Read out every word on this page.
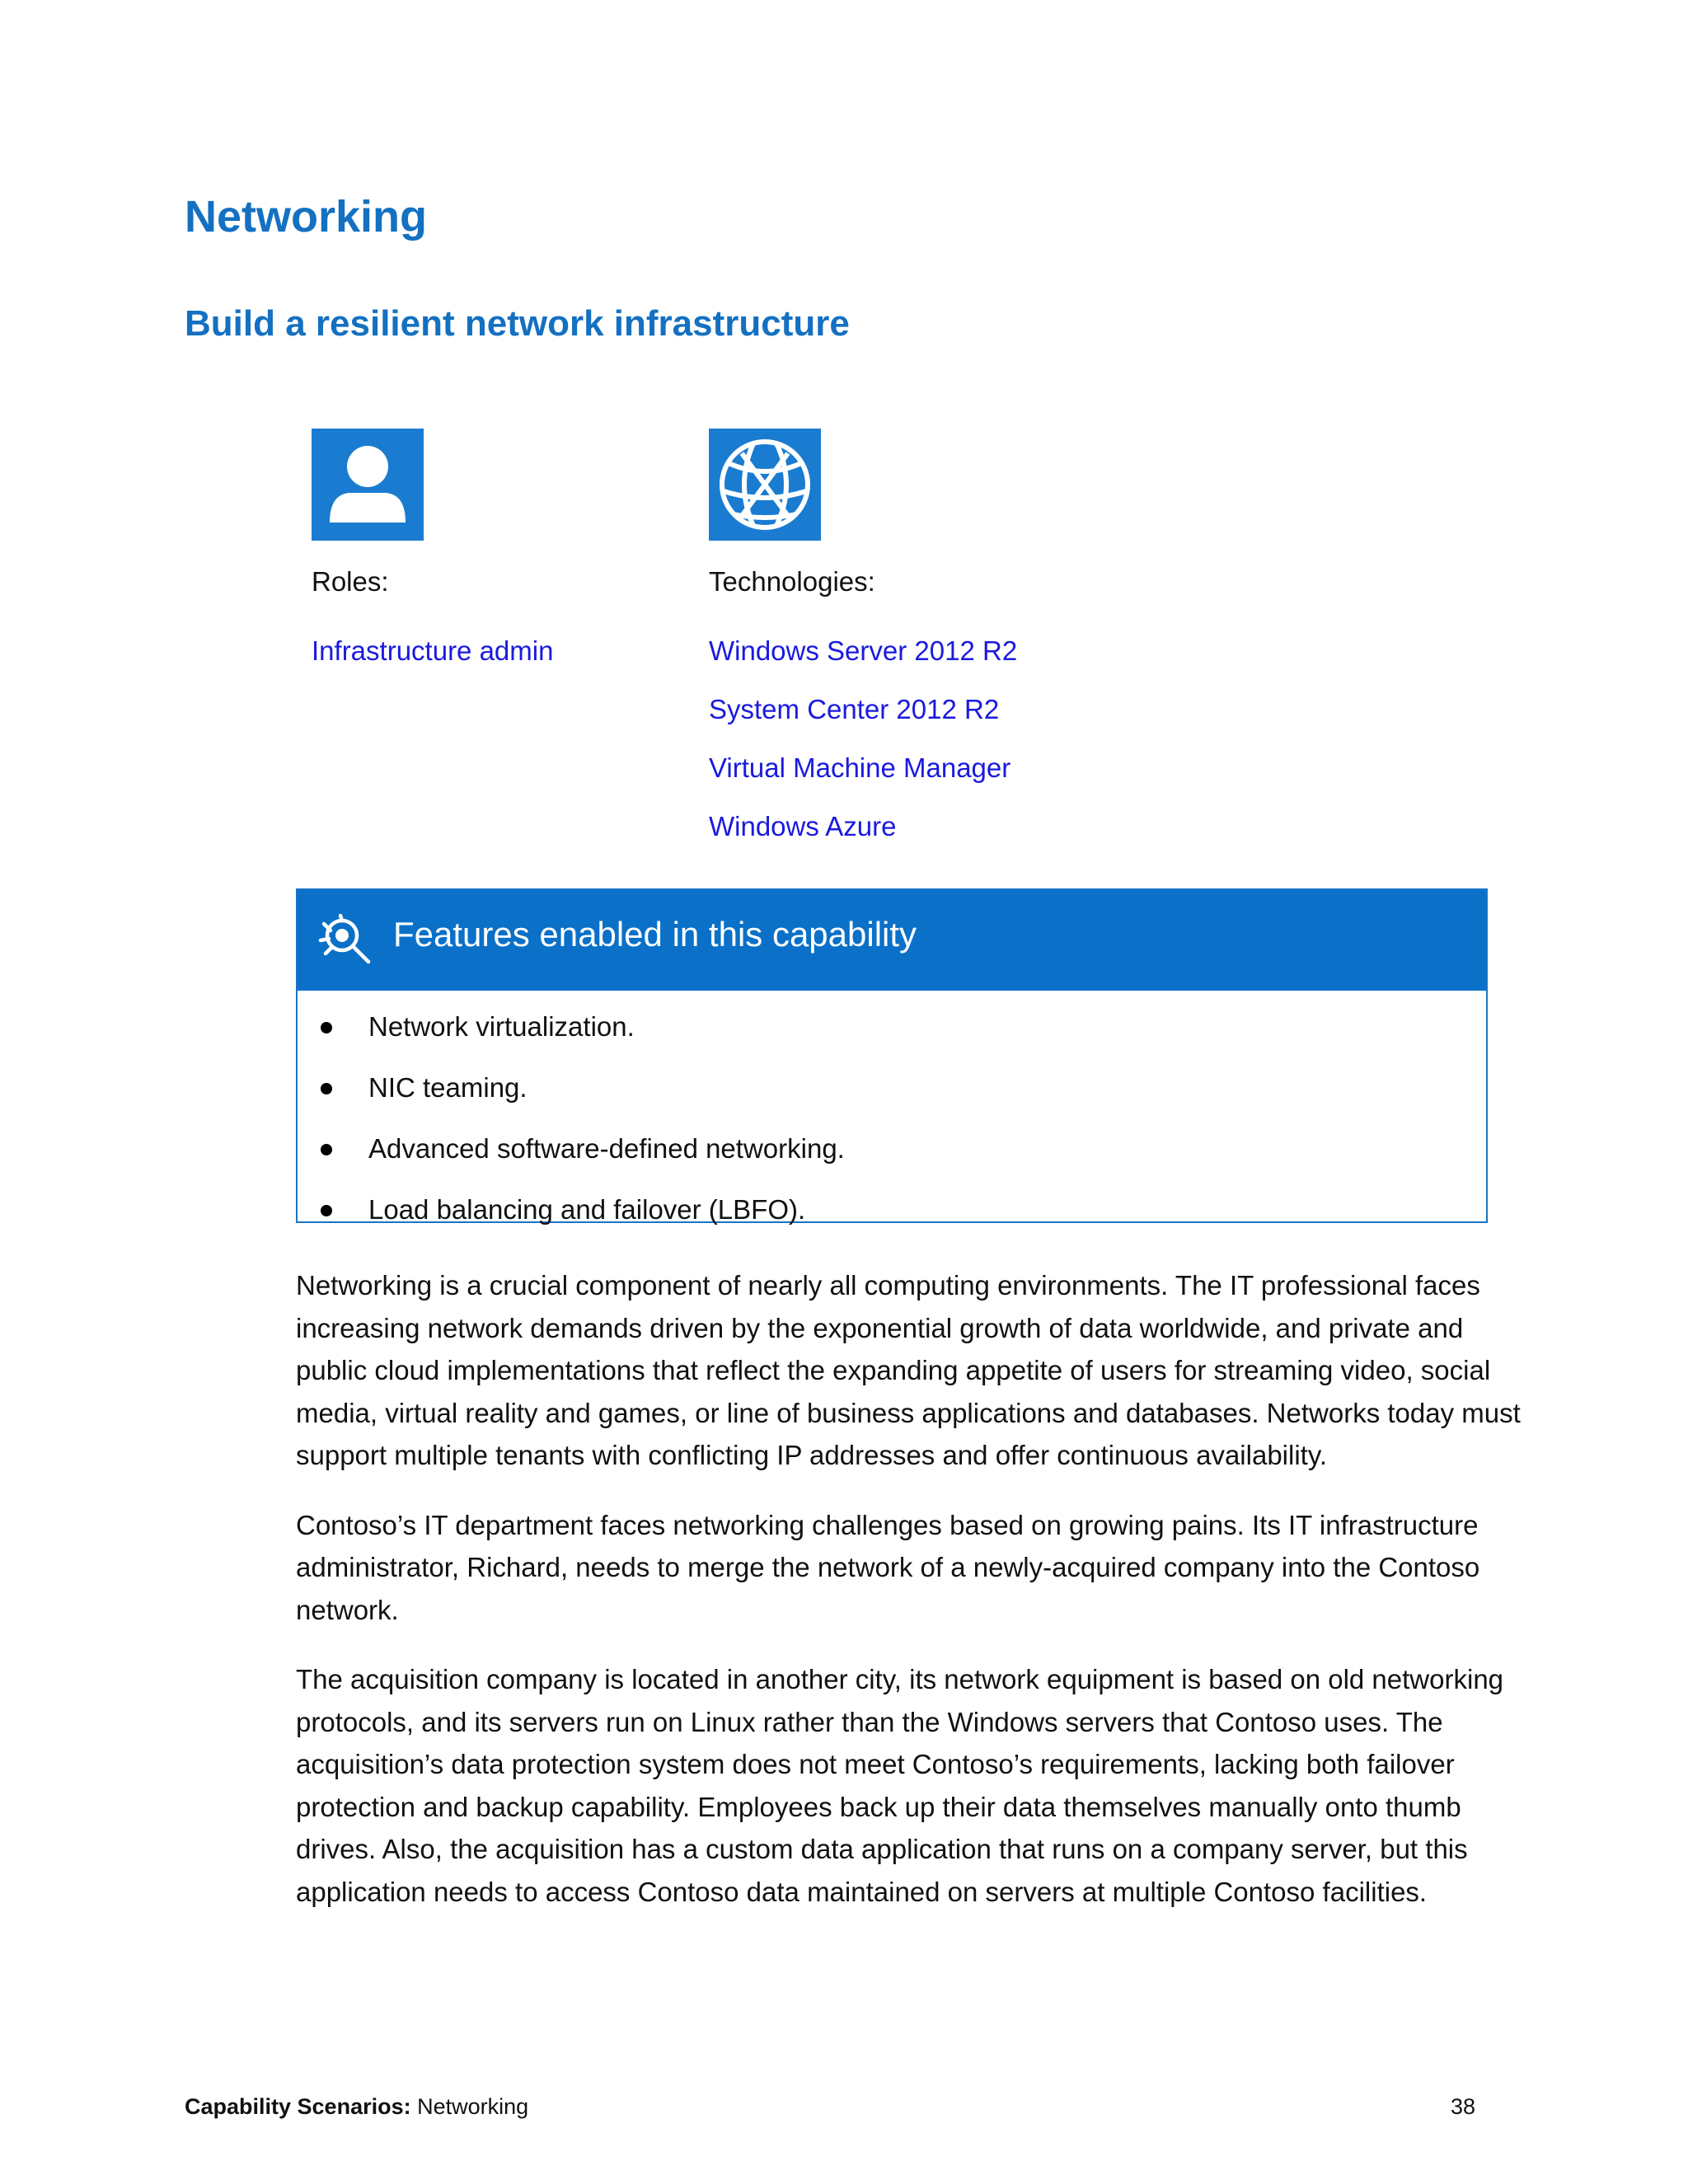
Networking
Build a resilient network infrastructure
Roles:
Infrastructure admin
Technologies:
Windows Server 2012 R2
System Center 2012 R2
Virtual Machine Manager
Windows Azure
Features enabled in this capability
Network virtualization.
NIC teaming.
Advanced software-defined networking.
Load balancing and failover (LBFO).

Networking is a crucial component of nearly all computing environments. The IT professional faces increasing network demands driven by the exponential growth of data worldwide, and private and public cloud implementations that reflect the expanding appetite of users for streaming video, social media, virtual reality and games, or line of business applications and databases. Networks today must support multiple tenants with conflicting IP addresses and offer continuous availability.

Contoso’s IT department faces networking challenges based on growing pains. Its IT infrastructure administrator, Richard, needs to merge the network of a newly-acquired company into the Contoso network.

The acquisition company is located in another city, its network equipment is based on old networking protocols, and its servers run on Linux rather than the Windows servers that Contoso uses. The acquisition’s data protection system does not meet Contoso’s requirements, lacking both failover protection and backup capability. Employees back up their data themselves manually onto thumb drives. Also, the acquisition has a custom data application that runs on a company server, but this application needs to access Contoso data maintained on servers at multiple Contoso facilities.

Capability Scenarios: Networking	38
